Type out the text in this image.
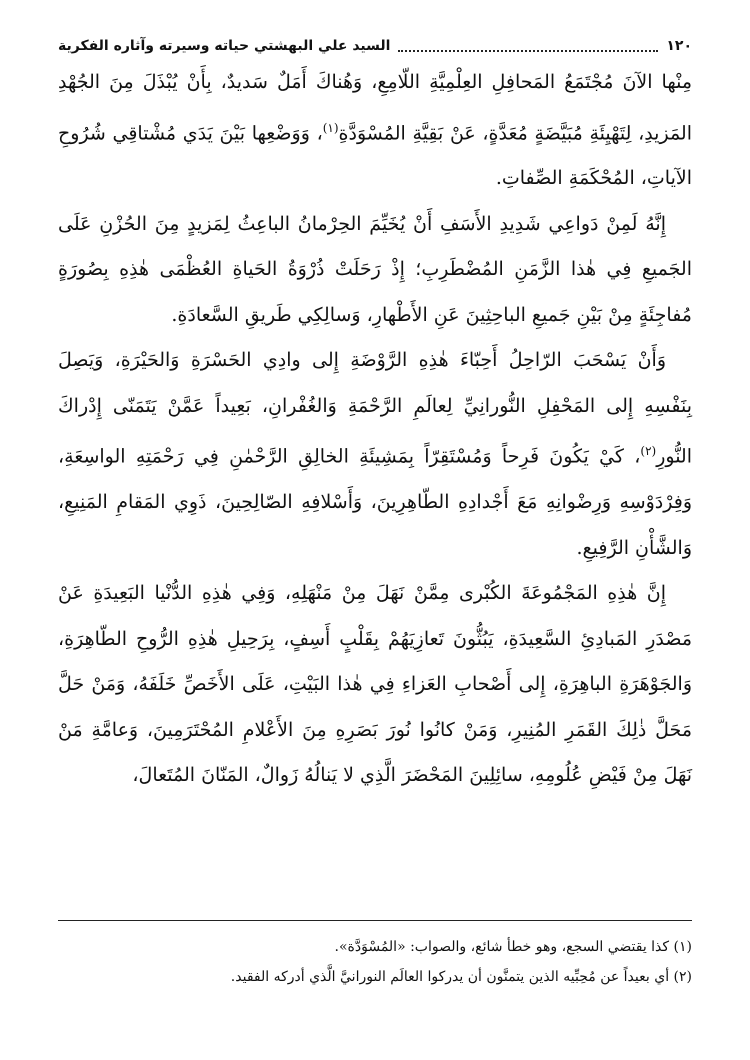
١٢٠
السيد علي البهشتي حياته وسيرته وآثاره الفكرية

مِنْها الآنَ مُجْتَمَعُ المَحافِلِ العِلْمِيَّةِ اللّامِعِ، وَهُناكَ أَمَلٌ سَديدٌ، بِأَنْ يُبْذَلَ مِنَ الجُهْدِ المَزيدِ، لِتَهْيِئَةِ مُبَيَّضَةٍ مُعَدَّةٍ، عَنْ بَقِيَّةِ المُسْوَدَّةِ$^{(١)}$، وَوَضْعِها بَيْنَ يَدَي مُشْتاقِي شُرُوحِ الآياتِ، المُحْكَمَةِ الصِّفاتِ.

إِنَّهُ لَمِنْ دَواعِي شَدِيدِ الأَسَفِ أَنْ يُخَيِّمَ الحِرْمانُ الباعِثُ لِمَزيدٍ مِنَ الحُزْنِ عَلَى الجَميعِ فِي هٰذا الزَّمَنِ المُضْطَرِبِ؛ إِذْ رَحَلَتْ ذُرْوَةُ الحَياةِ العُظْمَى هٰذِهِ بِصُورَةٍ مُفاجِئَةٍ مِنْ بَيْنِ جَميعِ الباحِثِينَ عَنِ الأَطْهارِ، وَسالِكِي طَريقِ السَّعادَةِ.

وَأَنْ يَسْحَبَ الرّاحِلُ أَحِبّاءَ هٰذِهِ الرَّوْضَةِ إِلى وادِي الحَسْرَةِ وَالحَيْرَةِ، وَيَصِلَ بِنَفْسِهِ إِلى المَحْفِلِ النُّورانِيِّ لِعالَمِ الرَّحْمَةِ وَالغُفْرانِ، بَعِيداً عَمَّنْ يَتَمَنّى إِدْراكَ النُّورِ$^{(٢)}$، كَيْ يَكُونَ فَرِحاً وَمُسْتَقِرّاً بِمَشِيئَةِ الخالِقِ الرَّحْمٰنِ فِي رَحْمَتِهِ الواسِعَةِ، وَفِرْدَوْسِهِ وَرِضْوانِهِ مَعَ أَجْدادِهِ الطّاهِرِينَ، وَأَسْلافِهِ الصّالِحِينَ، ذَوِي المَقامِ المَنِيعِ، وَالشَّأْنِ الرَّفِيعِ.

إِنَّ هٰذِهِ المَجْمُوعَةَ الكُبْرى مِمَّنْ نَهَلَ مِنْ مَنْهَلِهِ، وَفِي هٰذِهِ الدُّنْيا البَعِيدَةِ عَنْ مَصْدَرِ المَبادِئِ السَّعِيدَةِ، يَبُثُّونَ تَعازِيَهُمْ بِقَلْبٍ أَسِفٍ، بِرَحِيلِ هٰذِهِ الرُّوحِ الطّاهِرَةِ، وَالجَوْهَرَةِ الباهِرَةِ، إِلى أَصْحابِ العَزاءِ فِي هٰذا البَيْتِ، عَلَى الأَخَصِّ خَلَفَهُ، وَمَنْ حَلَّ مَحَلَّ ذٰلِكَ القَمَرِ المُنِيرِ، وَمَنْ كانُوا نُورَ بَصَرِهِ مِنَ الأَعْلامِ المُحْتَرَمِينَ، وَعامَّةِ مَنْ نَهَلَ مِنْ فَيْضِ عُلُومِهِ، سائِلِينَ المَحْضَرَ الَّذِي لا يَنالُهُ زَوالٌ، المَنّانَ المُتَعالَ،

(١) كذا يقتضي السجع، وهو خطأ شائع، والصواب: «المُسْوَدَّة».
(٢) أي بعيداً عن مُحِبِّيه الذين يتمنَّون أن يدركوا العالَم النورانيَّ الَّذي أدركه الفقيد.
